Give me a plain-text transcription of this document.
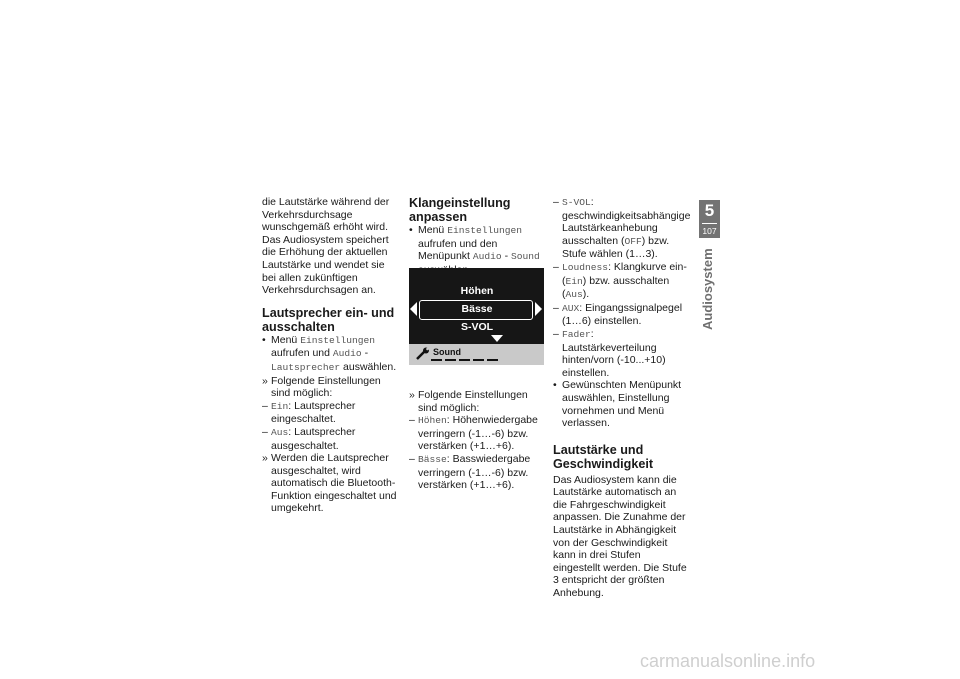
die Lautstärke während der Verkehrsdurchsage wunschgemäß erhöht wird. Das Audiosystem speichert die Erhöhung der aktuellen Lautstärke und wendet sie bei allen zukünftigen Verkehrsdurchsagen an.

Lautsprecher ein- und ausschalten
• Menü Einstellungen aufrufen und Audio - Lautsprecher auswählen.
» Folgende Einstellungen sind möglich:
– Ein: Lautsprecher eingeschaltet.
– Aus: Lautsprecher ausgeschaltet.
» Werden die Lautsprecher ausgeschaltet, wird automatisch die Bluetooth-Funktion eingeschaltet und umgekehrt.
Klangeinstellung anpassen
• Menü Einstellungen aufrufen und den Menüpunkt Audio - Sound
Höhen
Bässe
S-VOL
Sound
» Folgende Einstellungen sind möglich:
– Höhen: Höhenwiedergabe verringern (-1…-6) bzw. verstärken (+1…+6).
– Bässe: Basswiedergabe verringern (-1…-6) bzw. verstärken (+1…+6).
– S-VOL: geschwindigkeitsabhängige Lautstärkeanhebung ausschalten (OFF) bzw. Stufe wählen (1…3).
– Loudness: Klangkurve ein- (Ein) bzw. ausschalten (Aus).
– AUX: Eingangssignalpegel (1…6) einstellen.
– Fader: Lautstärkeverteilung hinten/vorn (-10...+10) einstellen.
• Gewünschten Menüpunkt auswählen, Einstellung vornehmen und Menü verlassen.
Lautstärke und Geschwindigkeit

Das Audiosystem kann die Lautstärke automatisch an die Fahrgeschwindigkeit anpassen. Die Zunahme der Lautstärke in Abhängigkeit von der Geschwindigkeit kann in drei Stufen eingestellt werden. Die Stufe 3 entspricht der größten Anhebung.

5
107
Audiosystem
carmanualsonline.info
